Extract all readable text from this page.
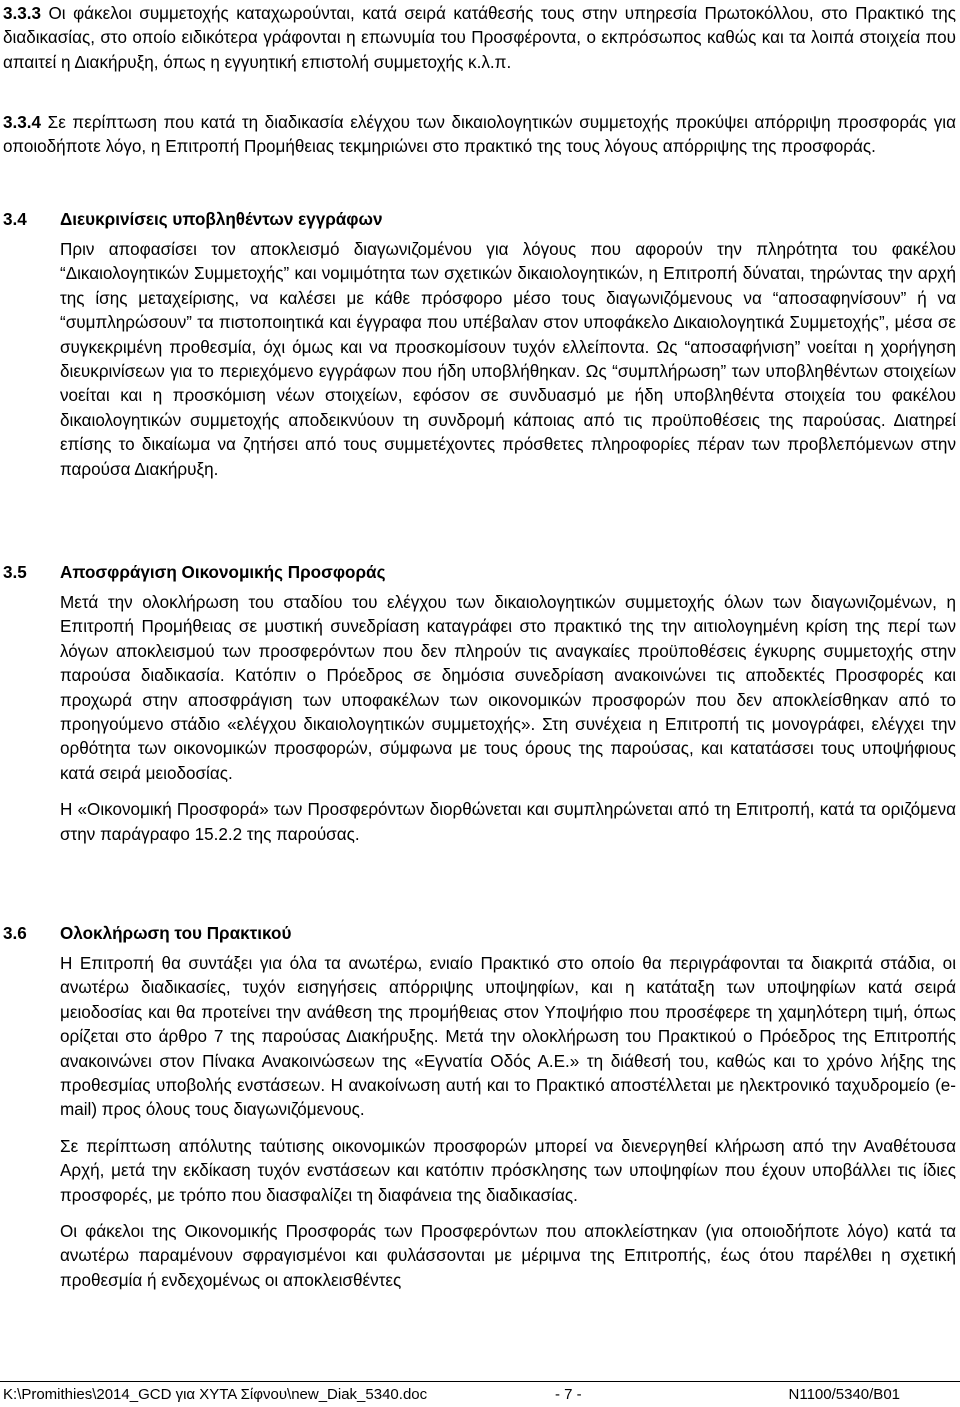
3.3.3 Οι φάκελοι συμμετοχής καταχωρούνται, κατά σειρά κατάθεσής τους στην υπηρεσία Πρωτοκόλλου, στο Πρακτικό της διαδικασίας, στο οποίο ειδικότερα γράφονται η επωνυμία του Προσφέροντα, ο εκπρόσωπος καθώς και τα λοιπά στοιχεία που απαιτεί η Διακήρυξη, όπως η εγγυητική επιστολή συμμετοχής κ.λ.π.

3.3.4 Σε περίπτωση που κατά τη διαδικασία ελέγχου των δικαιολογητικών συμμετοχής προκύψει απόρριψη προσφοράς για οποιοδήποτε λόγο, η Επιτροπή Προμήθειας τεκμηριώνει στο πρακτικό της τους λόγους απόρριψης της προσφοράς.

3.4 Διευκρινίσεις υποβληθέντων εγγράφων

Πριν αποφασίσει τον αποκλεισμό διαγωνιζομένου για λόγους που αφορούν την πληρότητα του φακέλου “Δικαιολογητικών Συμμετοχής” και νομιμότητα των σχετικών δικαιολογητικών, η Επιτροπή δύναται, τηρώντας την αρχή της ίσης μεταχείρισης, να καλέσει με κάθε πρόσφορο μέσο τους διαγωνιζόμενους να “αποσαφηνίσουν” ή να “συμπληρώσουν” τα πιστοποιητικά και έγγραφα που υπέβαλαν στον υποφάκελο Δικαιολογητικά Συμμετοχής”, μέσα σε συγκεκριμένη προθεσμία, όχι όμως και να προσκομίσουν τυχόν ελλείποντα. Ως “αποσαφήνιση” νοείται η χορήγηση διευκρινίσεων για το περιεχόμενο εγγράφων που ήδη υποβλήθηκαν. Ως “συμπλήρωση” των υποβληθέντων στοιχείων νοείται και η προσκόμιση νέων στοιχείων, εφόσον σε συνδυασμό με ήδη υποβληθέντα στοιχεία του φακέλου δικαιολογητικών συμμετοχής αποδεικνύουν τη συνδρομή κάποιας από τις προϋποθέσεις της παρούσας. Διατηρεί επίσης το δικαίωμα να ζητήσει από τους συμμετέχοντες πρόσθετες πληροφορίες πέραν των προβλεπόμενων στην παρούσα Διακήρυξη.

3.5 Αποσφράγιση Οικονομικής Προσφοράς

Μετά την ολοκλήρωση του σταδίου του ελέγχου των δικαιολογητικών συμμετοχής όλων των διαγωνιζομένων, η Επιτροπή Προμήθειας σε μυστική συνεδρίαση καταγράφει στο πρακτικό της την αιτιολογημένη κρίση της περί των λόγων αποκλεισμού των προσφερόντων που δεν πληρούν τις αναγκαίες προϋποθέσεις έγκυρης συμμετοχής στην παρούσα διαδικασία. Κατόπιν ο Πρόεδρος σε δημόσια συνεδρίαση ανακοινώνει τις αποδεκτές Προσφορές και προχωρά στην αποσφράγιση των υποφακέλων των οικονομικών προσφορών που δεν αποκλείσθηκαν από το προηγούμενο στάδιο «ελέγχου δικαιολογητικών συμμετοχής». Στη συνέχεια η Επιτροπή τις μονογράφει, ελέγχει την ορθότητα των οικονομικών προσφορών, σύμφωνα με τους όρους της παρούσας, και κατατάσσει τους υποψήφιους κατά σειρά μειοδοσίας.

Η «Οικονομική Προσφορά» των Προσφερόντων διορθώνεται και συμπληρώνεται από τη Επιτροπή, κατά τα οριζόμενα στην παράγραφο 15.2.2 της παρούσας.

3.6 Ολοκλήρωση του Πρακτικού

Η Επιτροπή θα συντάξει για όλα τα ανωτέρω, ενιαίο Πρακτικό στο οποίο θα περιγράφονται τα διακριτά στάδια, οι ανωτέρω διαδικασίες, τυχόν εισηγήσεις απόρριψης υποψηφίων, και η κατάταξη των υποψηφίων κατά σειρά μειοδοσίας και θα προτείνει την ανάθεση της προμήθειας στον Υποψήφιο που προσέφερε τη χαμηλότερη τιμή, όπως ορίζεται στο άρθρο 7 της παρούσας Διακήρυξης. Μετά την ολοκλήρωση του Πρακτικού ο Πρόεδρος της Επιτροπής ανακοινώνει στον Πίνακα Ανακοινώσεων της «Εγνατία Οδός Α.Ε.» τη διάθεσή του, καθώς και το χρόνο λήξης της προθεσμίας υποβολής ενστάσεων. Η ανακοίνωση αυτή και το Πρακτικό αποστέλλεται με ηλεκτρονικό ταχυδρομείο (e-mail) προς όλους τους διαγωνιζόμενους.

Σε περίπτωση απόλυτης ταύτισης οικονομικών προσφορών μπορεί να διενεργηθεί κλήρωση από την Αναθέτουσα Αρχή, μετά την εκδίκαση τυχόν ενστάσεων και κατόπιν πρόσκλησης των υποψηφίων που έχουν υποβάλλει τις ίδιες προσφορές, με τρόπο που διασφαλίζει τη διαφάνεια της διαδικασίας.

Οι φάκελοι της Οικονομικής Προσφοράς των Προσφερόντων που αποκλείστηκαν (για οποιοδήποτε λόγο) κατά τα ανωτέρω παραμένουν σφραγισμένοι και φυλάσσονται με μέριμνα της Επιτροπής, έως ότου παρέλθει η σχετική προθεσμία ή ενδεχομένως οι αποκλεισθέντες

K:\Promithies\2014_GCD για ΧΥΤΑ Σίφνου\new_Diak_5340.doc	- 7 -	N1100/5340/B01
